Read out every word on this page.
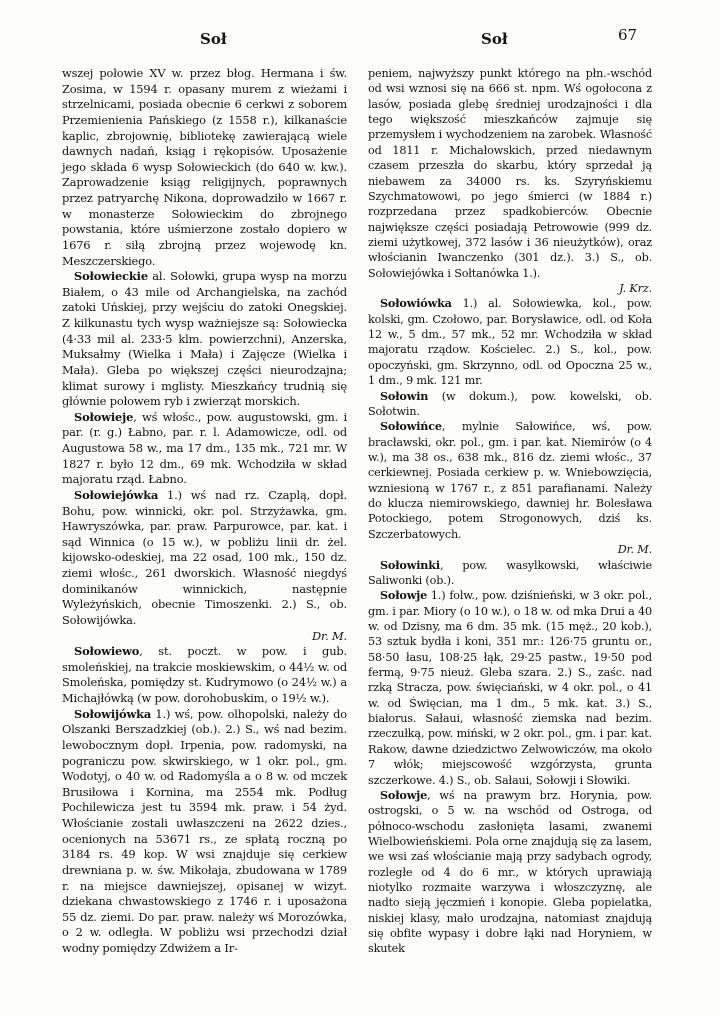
Soł	Soł	67

wszej połowie XV w. przez błog. Hermana i św. Zosima, w 1594 r. opasany murem z wieżami i strzelnicami, posiada obecnie 6 cerkwi z soborem Przemienienia Pańskiego (z 1558 r.), kilkanaście kaplic, zbrojownię, bibliotekę zawierającą wiele dawnych nadań, ksiąg i rękopisów. Uposażenie jego składa 6 wysp Sołowieckich (do 640 w. kw.). Zaprowadzenie ksiąg religijnych, poprawnych przez patryarchę Nikona, doprowadziło w 1667 r. w monasterze Sołowieckim do zbrojnego powstania, które uśmierzone zostało dopiero w 1676 r. siłą zbrojną przez wojewodę kn. Meszczerskiego.

Sołowieckie al. Sołowki, grupa wysp na morzu Białem, o 43 mile od Archangielska, na zachód zatoki Uńskiej, przy wejściu do zatoki Onegskiej. Z kilkunastu tych wysp ważniejsze są: Sołowiecka (4·33 mil al. 233·5 klm. powierzchni), Anzerska, Muksałmy (Wielka i Mała) i Zajęcze (Wielka i Mała). Gleba po większej części nieurodzajna; klimat surowy i mglisty. Mieszkańcy trudnią się głównie połowem ryb i zwierząt morskich.

Sołowieje, wś włośc., pow. augustowski, gm. i par. (r. g.) Łabno, par. r. l. Adamowicze, odl. od Augustowa 58 w., ma 17 dm., 135 mk., 721 mr. W 1827 r. było 12 dm., 69 mk. Wchodziła w skład majoratu rząd. Łabno.

Sołowiejówka 1.) wś nad rz. Czaplą, dopł. Bohu, pow. winnicki, okr. pol. Strzyżawka, gm. Hawryszówka, par. praw. Parpurowce, par. kat. i sąd Winnica (o 15 w.), w pobliżu linii dr. żel. kijowsko-odeskiej, ma 22 osad, 100 mk., 150 dz. ziemi włośc., 261 dworskich. Własność niegdyś dominikanów winnickich, następnie Wyleżyńskich, obecnie Timoszenki. 2.) S., ob. Sołowijówka.
Dr. M.

Sołowiewo, st. poczt. w pow. i gub. smoleńskiej, na trakcie moskiewskim, o 44½ w. od Smoleńska, pomiędzy st. Kudrymowo (o 24½ w.) a Michajłówką (w pow. dorohobuskim, o 19½ w.).

Sołowijówka 1.) wś, pow. olhopolski, należy do Olszanki Berszadzkiej (ob.). 2.) S., wś nad bezim. lewobocznym dopł. Irpenia, pow. radomyski, na pograniczu pow. skwirskiego, w 1 okr. pol., gm. Wodotyj, o 40 w. od Radomyśla a o 8 w. od mczek Brusiłowa i Kornina, ma 2554 mk. Podług Pochilewicza jest tu 3594 mk. praw. i 54 żyd. Włościanie zostali uwłaszczeni na 2622 dzies., ocenionych na 53671 rs., ze spłatą roczną po 3184 rs. 49 kop. W wsi znajduje się cerkiew drewniana p. w. św. Mikołaja, zbudowana w 1789 r. na miejsce dawniejszej, opisanej w wizyt. dziekana chwastowskiego z 1746 r. i uposażona 55 dz. ziemi. Do par. praw. należy wś Morozówka, o 2 w. odległa. W pobliżu wsi przechodzi dział wodny pomiędzy Zdwiżem a Ir-

peniem, najwyższy punkt którego na płn.-wschód od wsi wznosi się na 666 st. npm. Wś ogołocona z lasów, posiada glebę średniej urodzajności i dla tego większość mieszkańców zajmuje się przemysłem i wychodzeniem na zarobek. Własność od 1811 r. Michałowskich, przed niedawnym czasem przeszła do skarbu, który sprzedał ją niebawem za 34000 rs. ks. Szyryńskiemu Szychmatowowi, po jego śmierci (w 1884 r.) rozprzedana przez spadkobierców. Obecnie największe części posiadają Petrowowie (999 dz. ziemi użytkowej, 372 lasów i 36 nieużytków), oraz włościanin Iwanczenko (301 dz.). 3.) S., ob. Sołowiejówka i Sołtanówka 1.).
J. Krz.

Sołowiówka 1.) al. Sołowiewka, kol., pow. kolski, gm. Czołowo, par. Borysławice, odl. od Koła 12 w., 5 dm., 57 mk., 52 mr. Wchodziła w skład majoratu rządow. Kościelec. 2.) S., kol., pow. opoczyński, gm. Skrzynno, odl. od Opoczna 25 w., 1 dm., 9 mk. 121 mr.

Sołowin (w dokum.), pow. kowelski, ob. Sołotwin.

Sołowińce, mylnie Sałowińce, wś, pow. bracławski, okr. pol., gm. i par. kat. Niemirów (o 4 w.), ma 38 os., 638 mk., 816 dz. ziemi włośc., 37 cerkiewnej. Posiada cerkiew p. w. Wniebowzięcia, wzniesioną w 1767 r., z 851 parafianami. Należy do klucza niemirowskiego, dawniej hr. Bolesława Potockiego, potem Strogonowych, dziś ks. Szczerbatowych.
Dr. M.

Sołowinki, pow. wasylkowski, właściwie Saliwonki (ob.).

Sołowje 1.) folw., pow. dziśnieński, w 3 okr. pol., gm. i par. Miory (o 10 w.), o 18 w. od mka Drui a 40 w. od Dzisny, ma 6 dm. 35 mk. (15 męż., 20 kob.), 53 sztuk bydła i koni, 351 mr.: 126·75 gruntu or., 58·50 łasu, 108·25 łąk, 29·25 pastw., 19·50 pod fermą, 9·75 nieuż. Gleba szara. 2.) S., zaśc. nad rzką Stracza, pow. święciański, w 4 okr. pol., o 41 w. od Święcian, ma 1 dm., 5 mk. kat. 3.) S., białorus. Sałaui, własność ziemska nad bezim. rzeczułką, pow. miński, w 2 okr. pol., gm. i par. kat. Rakow, dawne dziedzictwo Zelwowiczów, ma około 7 włók; miejscowość wzgórzysta, grunta szczerkowe. 4.) S., ob. Sałaui, Sołowji i Słowiki.

Sołowje, wś na prawym brz. Horynia, pow. ostrogski, o 5 w. na wschód od Ostroga, od północo-wschodu zasłonięta lasami, zwanemi Wielbowieńskiemi. Pola orne znajdują się za lasem, we wsi zaś włościanie mają przy sadybach ogrody, rozległe od 4 do 6 mr., w których uprawiają niotylko rozmaite warzywa i włoszczyznę, ale nadto sieją jęczmień i konopie. Gleba popielatka, niskiej klasy, mało urodzajna, natomiast znajdują się obfite wypasy i dobre łąki nad Horyniem, w skutek
